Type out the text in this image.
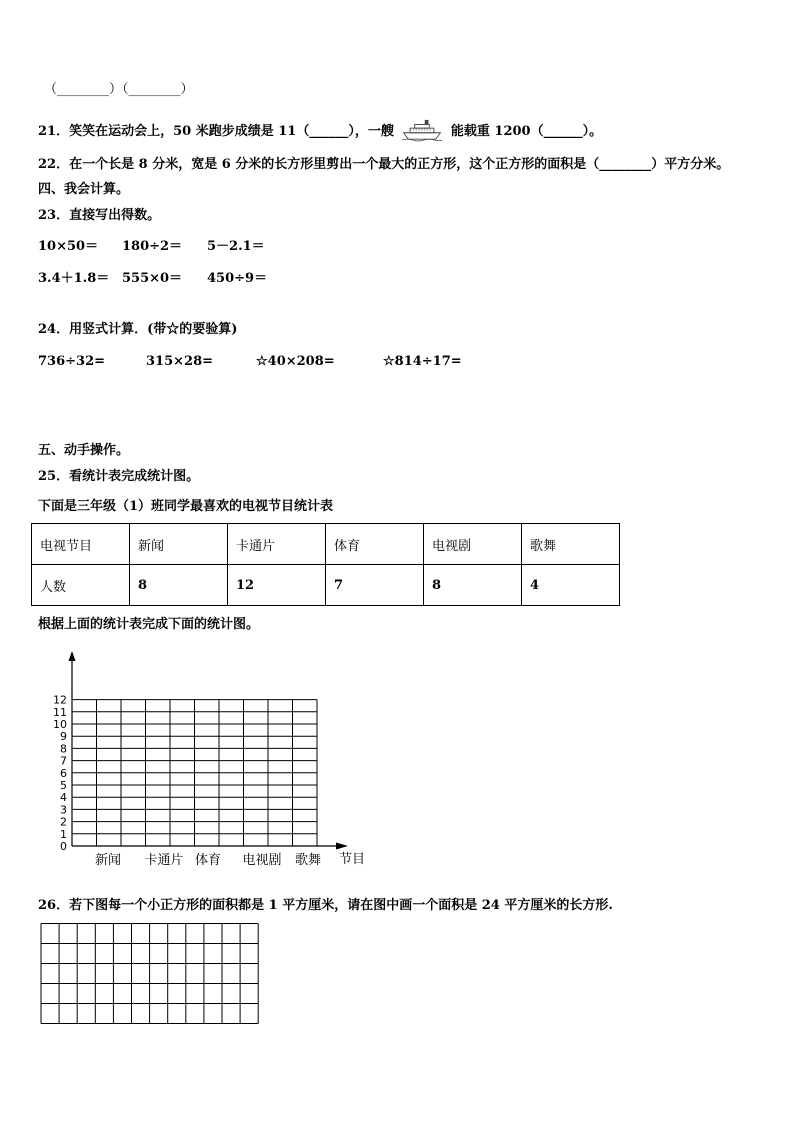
（________）（________）
21．笑笑在运动会上，50 米跑步成绩是 11（______），一艘	能载重 1200（______）。
22．在一个长是 8 分米，宽是 6 分米的长方形里剪出一个最大的正方形，这个正方形的面积是（________）平方分米。
四、我会计算。
23．直接写出得数。
10×50＝ 180÷2＝ 5－2.1＝
3.4＋1.8＝ 555×0＝ 450÷9＝
24．用竖式计算．(带☆的要验算)
736÷32=	315×28=	☆40×208=	☆814÷17=
五、动手操作。
25．看统计表完成统计图。
下面是三年级（1）班同学最喜欢的电视节目统计表
电视节目	新闻	卡通片	体育	电视剧	歌舞
人数	8	12	7	8	4
根据上面的统计表完成下面的统计图。
0
1
2
3
4
5
6
7
8
9
10
11
12
新闻 卡通片 体育 电视剧 歌舞 节目
26．若下图每一个小正方形的面积都是 1 平方厘米，请在图中画一个面积是 24 平方厘米的长方形.
